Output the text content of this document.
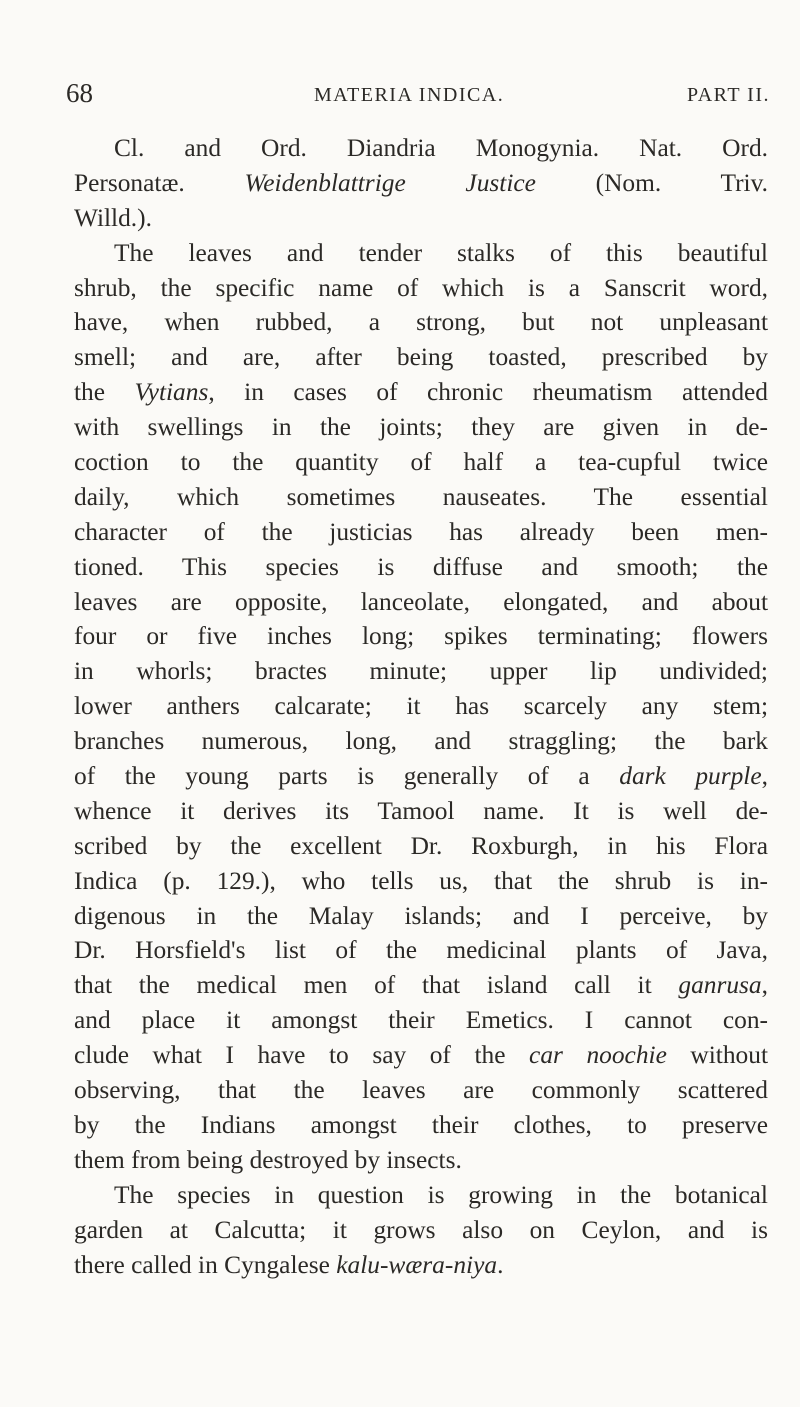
68	MATERIA INDICA.	PART II.
Cl. and Ord. Diandria Monogynia. Nat. Ord.
Personatæ. Weidenblattrige Justice (Nom. Triv.
Willd.).
The leaves and tender stalks of this beautiful
shrub, the specific name of which is a Sanscrit word,
have, when rubbed, a strong, but not unpleasant
smell; and are, after being toasted, prescribed by
the Vytians, in cases of chronic rheumatism attended
with swellings in the joints; they are given in de-
coction to the quantity of half a tea-cupful twice
daily, which sometimes nauseates. The essential
character of the justicias has already been men-
tioned. This species is diffuse and smooth; the
leaves are opposite, lanceolate, elongated, and about
four or five inches long; spikes terminating; flowers
in whorls; bractes minute; upper lip undivided;
lower anthers calcarate; it has scarcely any stem;
branches numerous, long, and straggling; the bark
of the young parts is generally of a dark purple,
whence it derives its Tamool name. It is well de-
scribed by the excellent Dr. Roxburgh, in his Flora
Indica (p. 129.), who tells us, that the shrub is in-
digenous in the Malay islands; and I perceive, by
Dr. Horsfield's list of the medicinal plants of Java,
that the medical men of that island call it ganrusa,
and place it amongst their Emetics. I cannot con-
clude what I have to say of the car noochie without
observing, that the leaves are commonly scattered
by the Indians amongst their clothes, to preserve
them from being destroyed by insects.
The species in question is growing in the botanical
garden at Calcutta; it grows also on Ceylon, and is
there called in Cyngalese kalu-wæra-niya.
